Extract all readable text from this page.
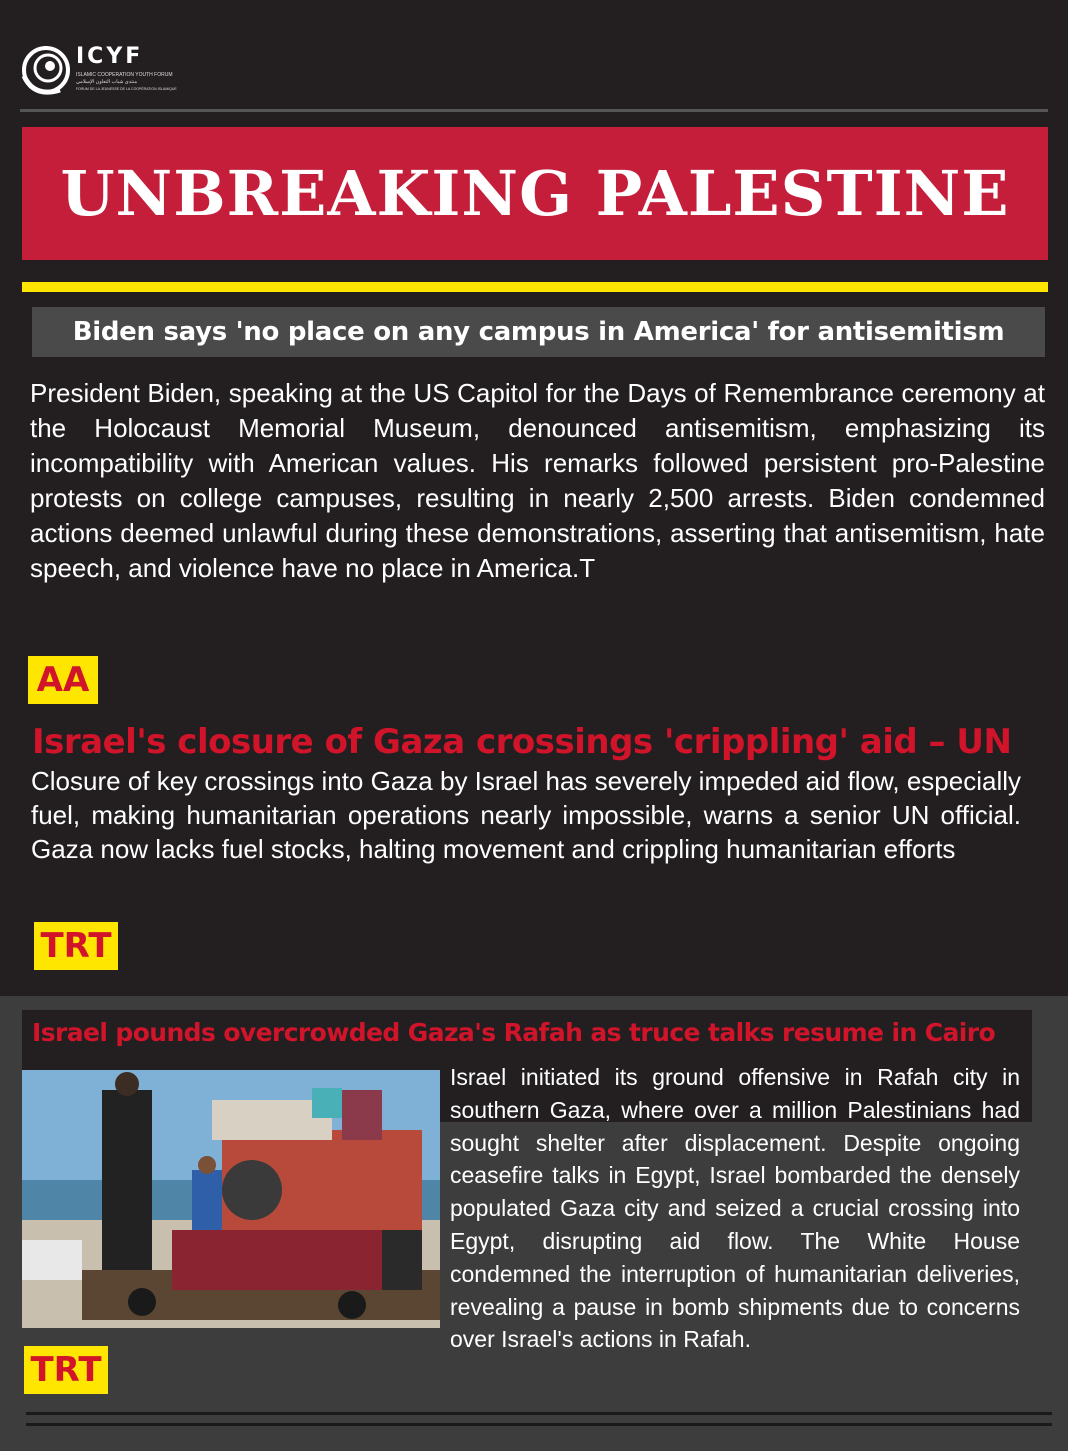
ICYF
ISLAMIC COOPERATION YOUTH FORUM
منتدى شباب التعاون الإسلامي
FORUM DE LA JEUNESSE DE LA COOPÉRATION ISLAMIQUE
UNBREAKING PALESTINE
Biden says 'no place on any campus in America' for antisemitism

President Biden, speaking at the US Capitol for the Days of Remembrance ceremony at the Holocaust Memorial Museum, denounced antisemitism, emphasizing its incompatibility with American values. His remarks followed persistent pro-Palestine protests on college campuses, resulting in nearly 2,500 arrests. Biden condemned actions deemed unlawful during these demonstrations, asserting that antisemitism, hate speech, and violence have no place in America.T

AA
Israel's closure of Gaza crossings 'crippling' aid – UN

Closure of key crossings into Gaza by Israel has severely impeded aid flow, especially fuel, making humanitarian operations nearly impossible, warns a senior UN official. Gaza now lacks fuel stocks, halting movement and crippling humanitarian efforts

TRT
Israel pounds overcrowded Gaza's Rafah as truce talks resume in Cairo

Israel initiated its ground offensive in Rafah city in southern Gaza, where over a million Palestinians had sought shelter after displacement. Despite ongoing ceasefire talks in Egypt, Israel bombarded the densely populated Gaza city and seized a crucial crossing into Egypt, disrupting aid flow. The White House condemned the interruption of humanitarian deliveries, revealing a pause in bomb shipments due to concerns over Israel's actions in Rafah.

TRT
